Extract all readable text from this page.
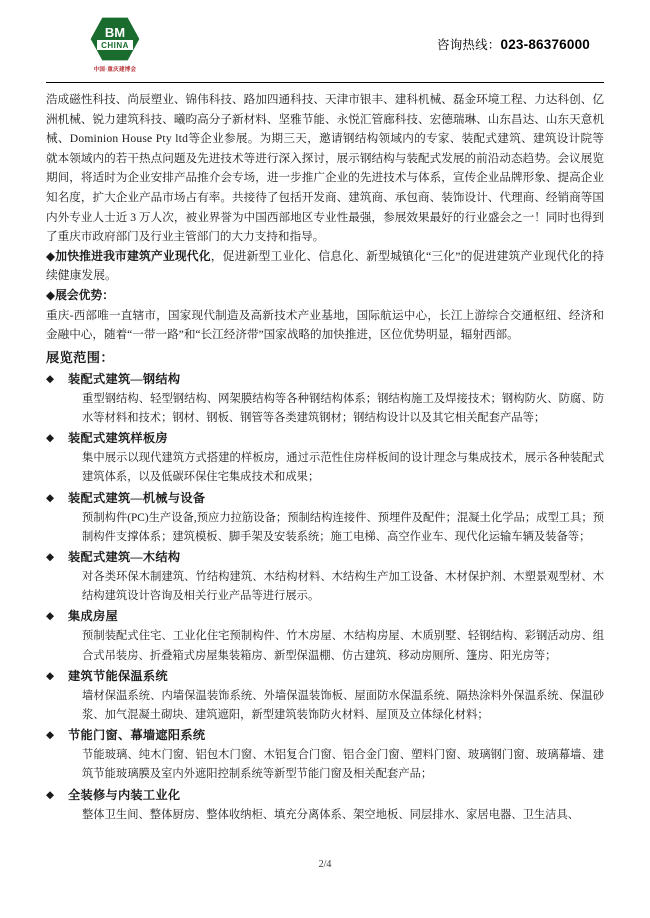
BM
CHINA
中国·重庆建博会
咨询热线：023-86376000

浩成磁性科技、尚辰塑业、锦伟科技、路加四通科技、天津市银丰、建科机械、磊金环境工程、力达科创、亿洲机械、锐力建筑科技、曦昀高分子新材料、坚雅节能、永悦汇管廊科技、宏德瑞琳、山东昌达、山东天意机械、Dominion House Pty ltd等企业参展。为期三天，邀请钢结构领域内的专家、装配式建筑、建筑设计院等就本领域内的若干热点问题及先进技术等进行深入探讨，展示钢结构与装配式发展的前沿动态趋势。会议展览期间，将适时为企业安排产品推介会专场，进一步推广企业的先进技术与体系，宣传企业品牌形象、提高企业知名度，扩大企业产品市场占有率。共接待了包括开发商、建筑商、承包商、装饰设计、代理商、经销商等国内外专业人士近 3 万人次，被业界誉为中国西部地区专业性最强，参展效果最好的行业盛会之一！同时也得到了重庆市政府部门及行业主管部门的大力支持和指导。

◆加快推进我市建筑产业现代化，促进新型工业化、信息化、新型城镇化“三化”的促进建筑产业现代化的持续健康发展。

◆展会优势：

重庆-西部唯一直辖市，国家现代制造及高新技术产业基地，国际航运中心，长江上游综合交通枢纽、经济和金融中心，随着“一带一路”和“长江经济带”国家战略的加快推进，区位优势明显，辐射西部。

展览范围：

◆ 装配式建筑—钢结构
重型钢结构、轻型钢结构、网架膜结构等各种钢结构体系；钢结构施工及焊接技术；钢构防火、防腐、防水等材料和技术；钢材、钢板、钢管等各类建筑钢材；钢结构设计以及其它相关配套产品等；
◆ 装配式建筑样板房
集中展示以现代建筑方式搭建的样板房，通过示范性住房样板间的设计理念与集成技术，展示各种装配式建筑体系，以及低碳环保住宅集成技术和成果；
◆ 装配式建筑—机械与设备
预制构件(PC)生产设备,预应力拉筋设备；预制结构连接件、预埋件及配件；混凝土化学品；成型工具；预制构件支撑体系；建筑模板、脚手架及安装系统；施工电梯、高空作业车、现代化运输车辆及装备等；
◆ 装配式建筑—木结构
对各类环保木制建筑、竹结构建筑、木结构材料、木结构生产加工设备、木材保护剂、木塑景观型材、木结构建筑设计咨询及相关行业产品等进行展示。
◆ 集成房屋
预制装配式住宅、工业化住宅预制构件、竹木房屋、木结构房屋、木质别墅、轻钢结构、彩钢活动房、组合式吊装房、折叠箱式房屋集装箱房、新型保温棚、仿古建筑、移动房厕所、篷房、阳光房等；
◆ 建筑节能保温系统
墙材保温系统、内墙保温装饰系统、外墙保温装饰板、屋面防水保温系统、隔热涂料外保温系统、保温砂浆、加气混凝土砌块、建筑遮阳，新型建筑装饰防火材料、屋顶及立体绿化材料；
◆ 节能门窗、幕墙遮阳系统
节能玻璃、纯木门窗、铝包木门窗、木铝复合门窗、铝合金门窗、塑料门窗、玻璃钢门窗、玻璃幕墙、建筑节能玻璃膜及室内外遮阳控制系统等新型节能门窗及相关配套产品；
◆ 全装修与内装工业化
整体卫生间、整体厨房、整体收纳柜、填充分离体系、架空地板、同层排水、家居电器、卫生洁具、
2/4
